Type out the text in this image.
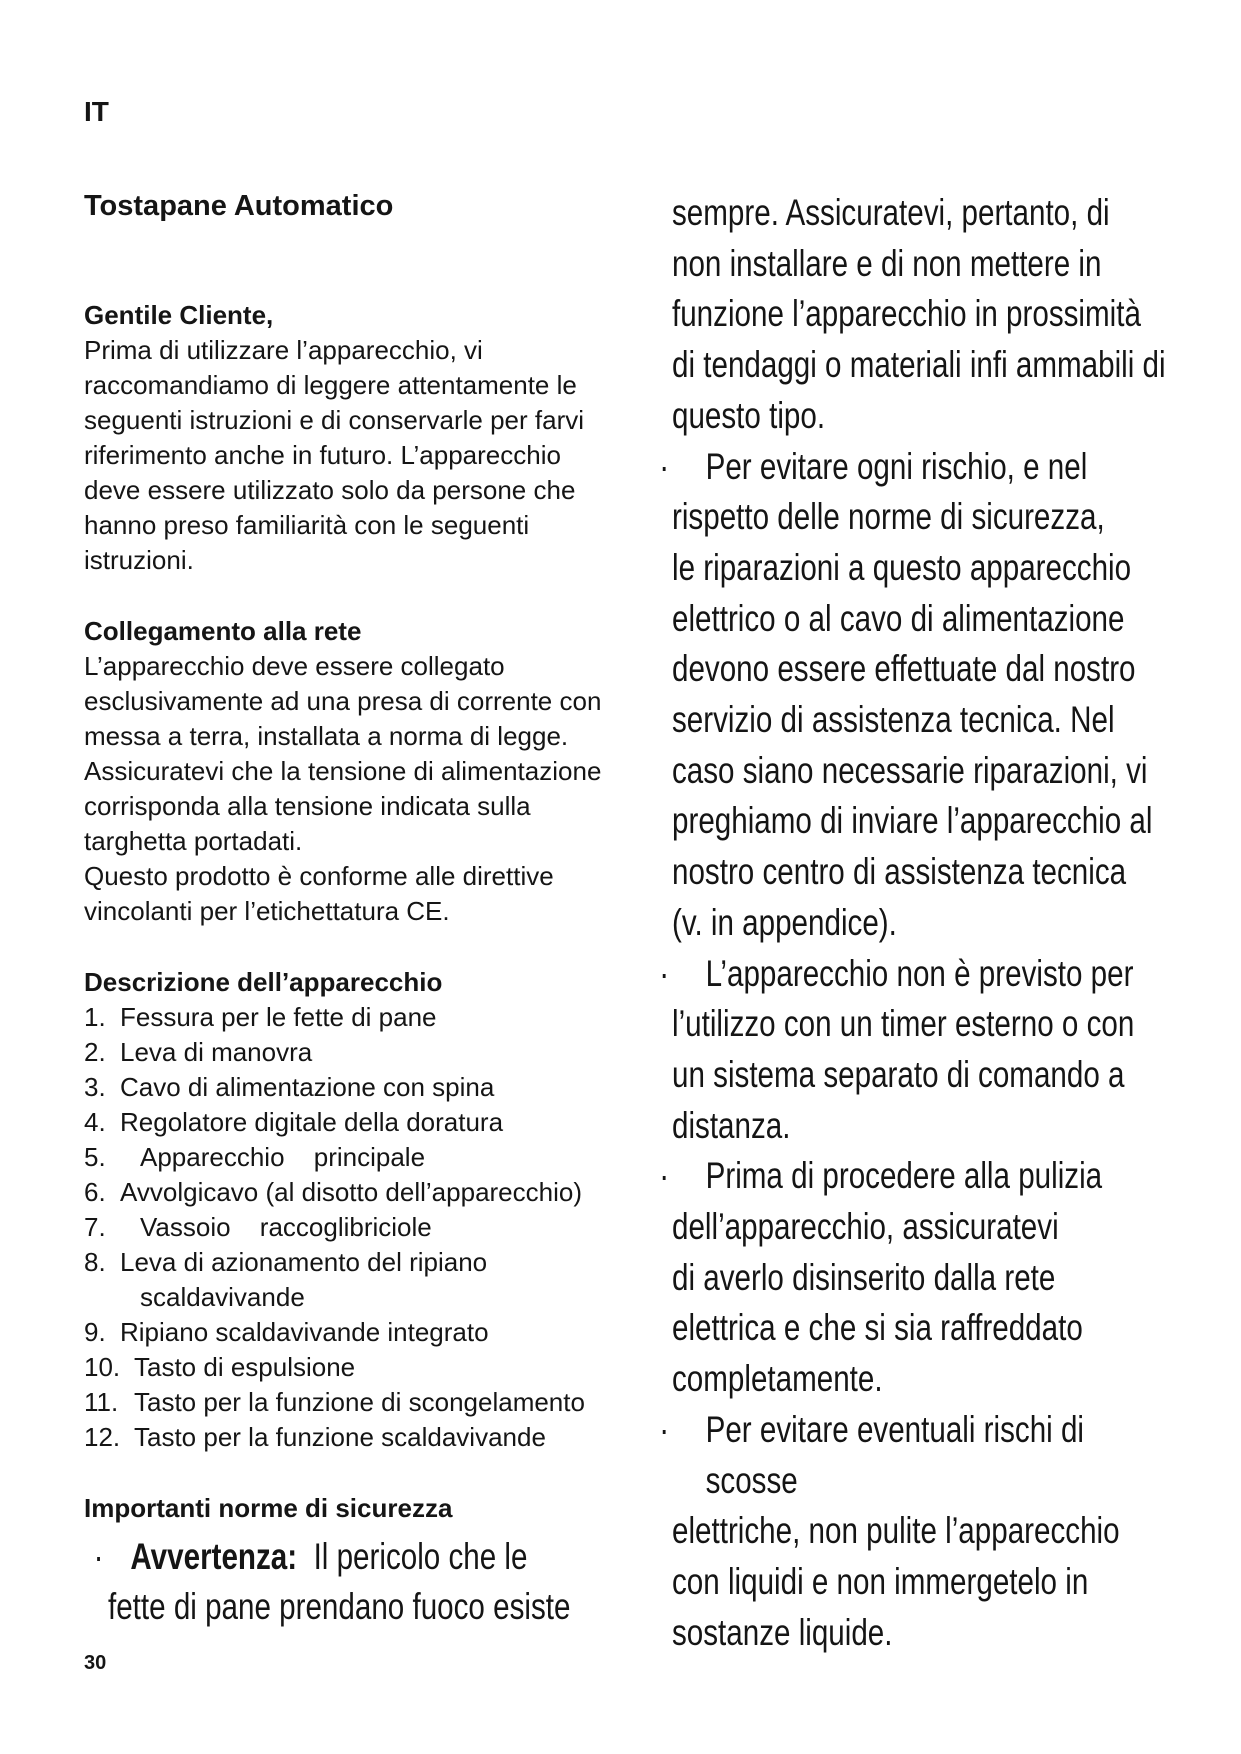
IT
Tostapane Automatico
Gentile Cliente,

Prima di utilizzare l’apparecchio, vi

raccomandiamo di leggere attentamente le

seguenti istruzioni e di conservarle per farvi

riferimento anche in futuro. L’apparecchio

deve essere utilizzato solo da persone che

hanno preso familiarità con le seguenti

istruzioni.

Collegamento alla rete

L’apparecchio deve essere collegato

esclusivamente ad una presa di corrente con

messa a terra, installata a norma di legge.

Assicuratevi che la tensione di alimentazione

corrisponda alla tensione indicata sulla

targhetta portadati.

Questo prodotto è conforme alle direttive

vincolanti per l’etichettatura CE.

Descrizione dell’apparecchio
1. Fessura per le fette di pane
2. Leva di manovra
3. Cavo di alimentazione con spina
4. Regolatore digitale della doratura
5. Apparecchio principale
6. Avvolgicavo (al disotto dell’apparecchio)
7. Vassoio raccoglibriciole
8. Leva di azionamento del ripiano
scaldavivande
9. Ripiano scaldavivande integrato
10. Tasto di espulsione
11. Tasto per la funzione di scongelamento
12. Tasto per la funzione scaldavivande
Importanti norme di sicurezza
· Avvertenza: Il pericolo che le
fette di pane prendano fuoco esiste

sempre. Assicuratevi, pertanto, di

non installare e di non mettere in

funzione l’apparecchio in prossimità

di tendaggi o materiali infi ammabili di

questo tipo.

· Per evitare ogni rischio, e nel

rispetto delle norme di sicurezza,

le riparazioni a questo apparecchio

elettrico o al cavo di alimentazione

devono essere effettuate dal nostro

servizio di assistenza tecnica. Nel

caso siano necessarie riparazioni, vi

preghiamo di inviare l’apparecchio al

nostro centro di assistenza tecnica

(v. in appendice).

· L’apparecchio non è previsto per

l’utilizzo con un timer esterno o con

un sistema separato di comando a

distanza.

· Prima di procedere alla pulizia

dell’apparecchio, assicuratevi

di averlo disinserito dalla rete

elettrica e che si sia raffreddato

completamente.

· Per evitare eventuali rischi di scosse

elettriche, non pulite l’apparecchio

con liquidi e non immergetelo in

sostanze liquide.

30
